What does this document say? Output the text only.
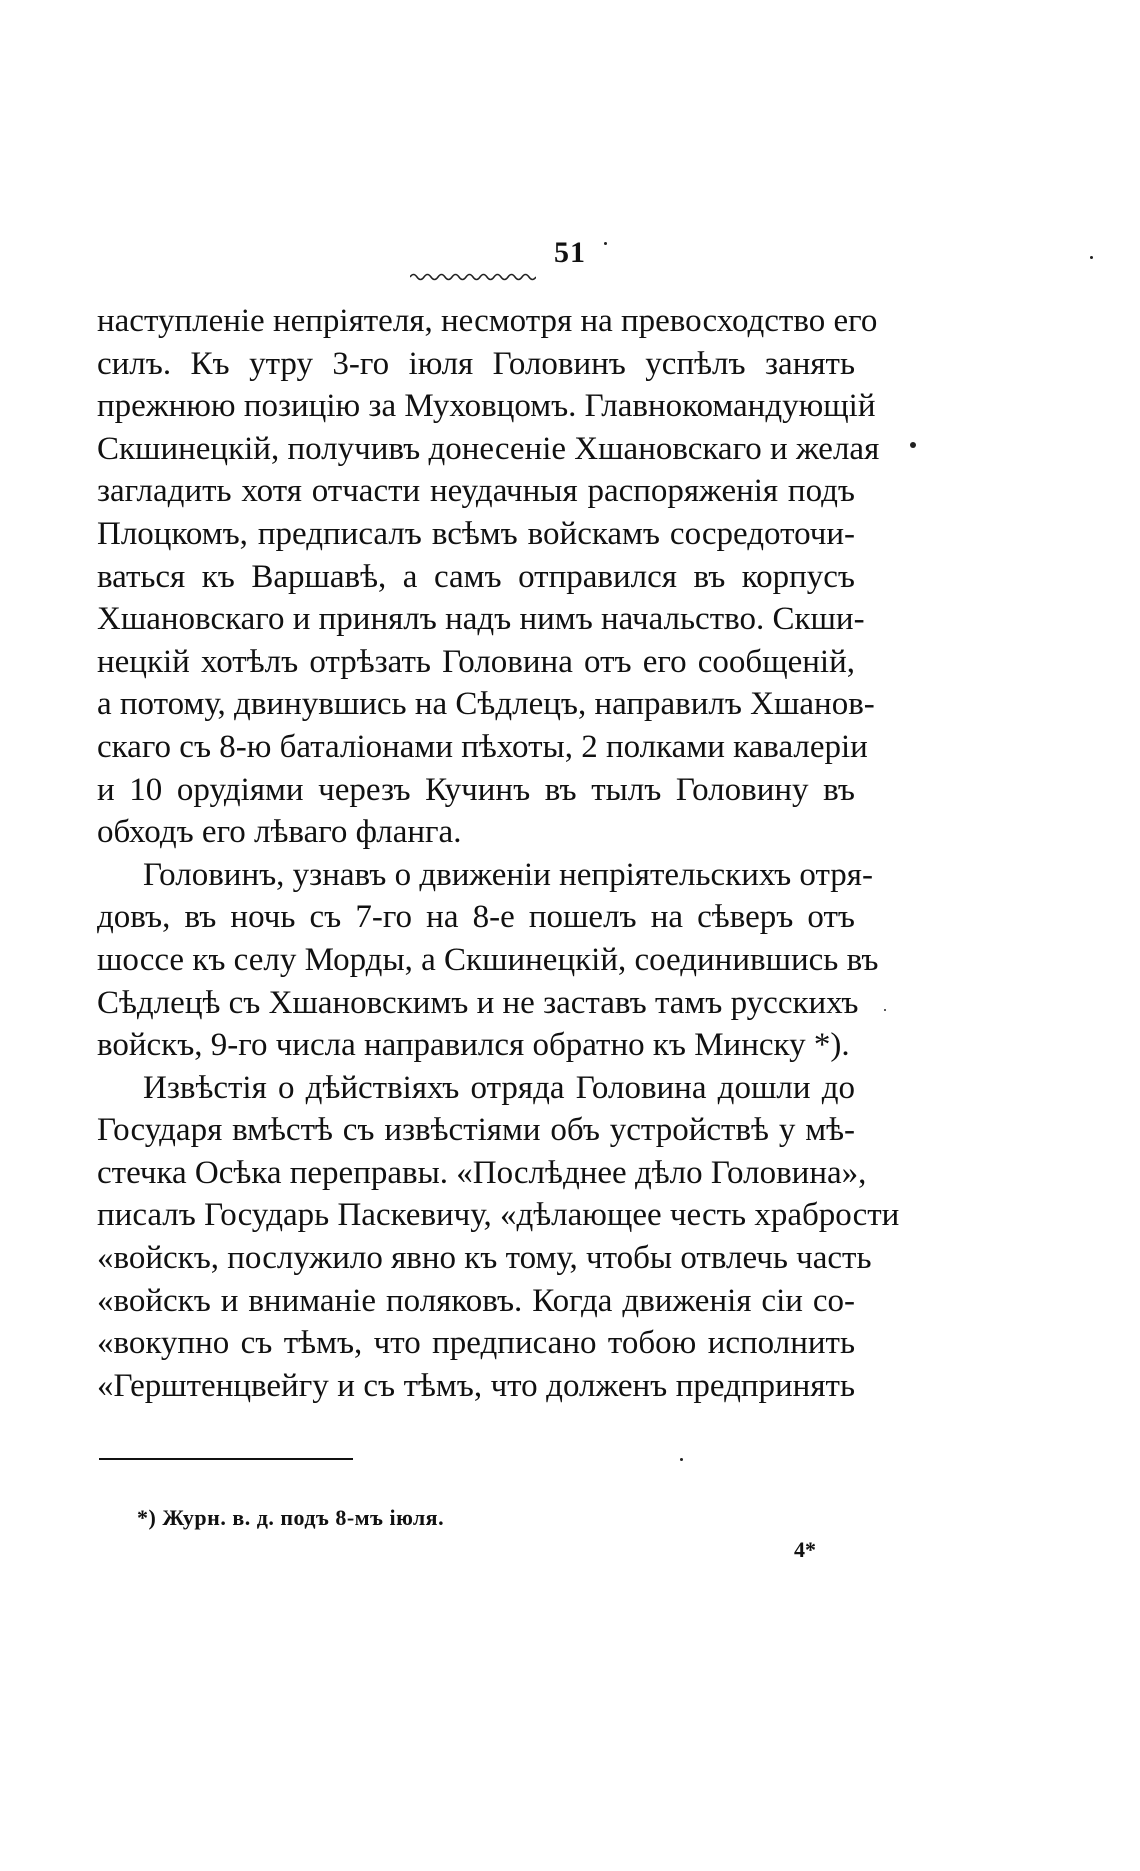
51
наступленіе непріятеля, несмотря на превосходство его
силъ. Къ утру 3-го іюля Головинъ успѣлъ занять
прежнюю позицію за Муховцомъ. Главнокомандующій
Скшинецкій, получивъ донесеніе Хшановскаго и желая
загладить хотя отчасти неудачныя распоряженія подъ
Плоцкомъ, предписалъ всѣмъ войскамъ сосредоточи-
ваться къ Варшавѣ, а самъ отправился въ корпусъ
Хшановскаго и принялъ надъ нимъ начальство. Скши-
нецкій хотѣлъ отрѣзать Головина отъ его сообщеній,
а потому, двинувшись на Сѣдлецъ, направилъ Хшанов-
скаго съ 8-ю баталіонами пѣхоты, 2 полками кавалеріи
и 10 орудіями черезъ Кучинъ въ тылъ Головину въ
обходъ его лѣваго фланга.
Головинъ, узнавъ о движеніи непріятельскихъ отря-
довъ, въ ночь съ 7-го на 8-е пошелъ на сѣверъ отъ
шоссе къ селу Морды, а Скшинецкій, соединившись въ
Сѣдлецѣ съ Хшановскимъ и не заставъ тамъ русскихъ
войскъ, 9-го числа направился обратно къ Минску *).
Извѣстія о дѣйствіяхъ отряда Головина дошли до
Государя вмѣстѣ съ извѣстіями объ устройствѣ у мѣ-
стечка Осѣка переправы. «Послѣднее дѣло Головина»,
писалъ Государь Паскевичу, «дѣлающее честь храбрости
«войскъ, послужило явно къ тому, чтобы отвлечь часть
«войскъ и вниманіе поляковъ. Когда движенія сіи со-
«вокупно съ тѣмъ, что предписано тобою исполнить
«Герштенцвейгу и съ тѣмъ, что долженъ предпринять
*) Журн. в. д. подъ 8-мъ іюля.
4*
